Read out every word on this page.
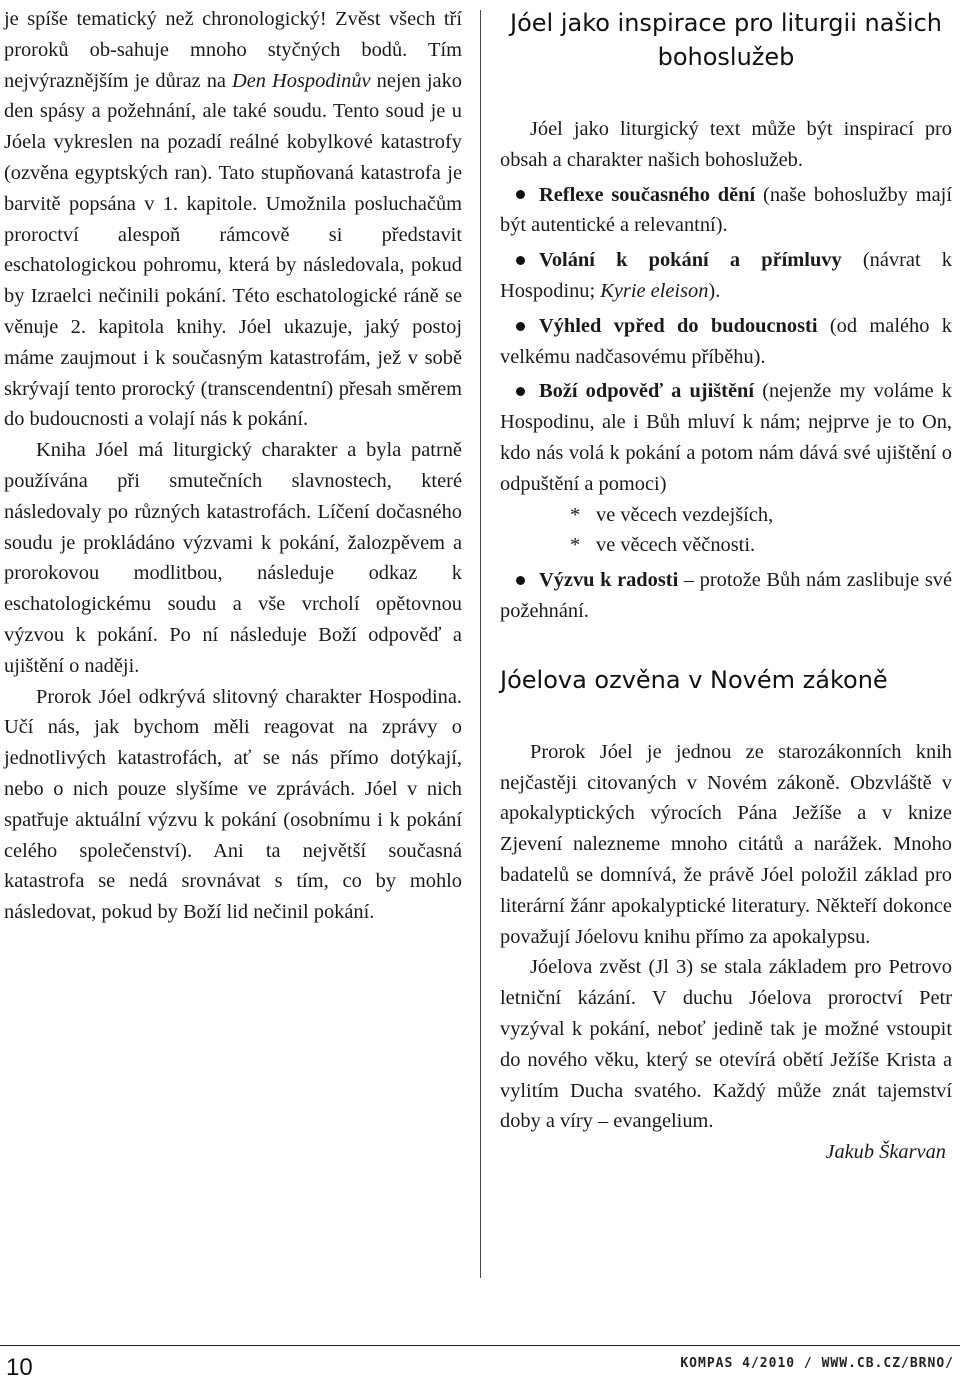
je spíše tematický než chronologický! Zvěst všech tří proroků ob-sahuje mnoho styčných bodů. Tím nejvýraznějším je důraz na Den Hospodinův nejen jako den spásy a požehnání, ale také soudu. Tento soud je u Jóela vykreslen na pozadí reálné kobylkové katastrofy (ozvěna egyptských ran). Tato stupňovaná katastrofa je barvitě popsána v 1. kapitole. Umožnila posluchačům proroctví alespoň rámcově si představit eschatologickou pohromu, která by následovala, pokud by Izraelci nečinili pokání. Této eschatologické ráně se věnuje 2. kapitola knihy. Jóel ukazuje, jaký postoj máme zaujmout i k současným katastrofám, jež v sobě skrývají tento prorocký (transcendentní) přesah směrem do budoucnosti a volají nás k pokání.

Kniha Jóel má liturgický charakter a byla patrně používána při smutečních slavnostech, které následovaly po různých katastrofách. Líčení dočasného soudu je prokládáno výzvami k pokání, žalozpěvem a prorokovou modlitbou, následuje odkaz k eschatologickému soudu a vše vrcholí opětovnou výzvou k pokání. Po ní následuje Boží odpověď a ujištění o naději.

Prorok Jóel odkrývá slitovný charakter Hospodina. Učí nás, jak bychom měli reagovat na zprávy o jednotlivých katastrofách, ať se nás přímo dotýkají, nebo o nich pouze slyšíme ve zprávách. Jóel v nich spatřuje aktuální výzvu k pokání (osobnímu i k pokání celého společenství). Ani ta největší současná katastrofa se nedá srovnávat s tím, co by mohlo následovat, pokud by Boží lid nečinil pokání.

Jóel jako inspirace pro liturgii našich bohoslužeb

Jóel jako liturgický text může být inspirací pro obsah a charakter našich bohoslužeb.

Reflexe současného dění (naše bohoslužby mají být autentické a relevantní).

Volání k pokání a přímluvy (návrat k Hospodinu; Kyrie eleison).

Výhled vpřed do budoucnosti (od malého k velkému nadčasovému příběhu).

Boží odpověď a ujištění (nejenže my voláme k Hospodinu, ale i Bůh mluví k nám; nejprve je to On, kdo nás volá k pokání a potom nám dává své ujištění o odpuštění a pomoci)

* ve věcech vezdejších,

* ve věcech věčnosti.

Výzvu k radosti – protože Bůh nám zaslibuje své požehnání.

Jóelova ozvěna v Novém zákoně

Prorok Jóel je jednou ze starozákonních knih nejčastěji citovaných v Novém zákoně. Obzvláště v apokalyptických výrocích Pána Ježíše a v knize Zjevení nalezneme mnoho citátů a narážek. Mnoho badatelů se domnívá, že právě Jóel položil základ pro literární žánr apokalyptické literatury. Někteří dokonce považují Jóelovu knihu přímo za apokalypsu.

Jóelova zvěst (Jl 3) se stala základem pro Petrovo letniční kázání. V duchu Jóelova proroctví Petr vyzýval k pokání, neboť jedině tak je možné vstoupit do nového věku, který se otevírá obětí Ježíše Krista a vylitím Ducha svatého. Každý může znát tajemství doby a víry – evangelium.

Jakub Škarvan

10	KOMPAS 4/2010 / WWW.CB.CZ/BRNO/
